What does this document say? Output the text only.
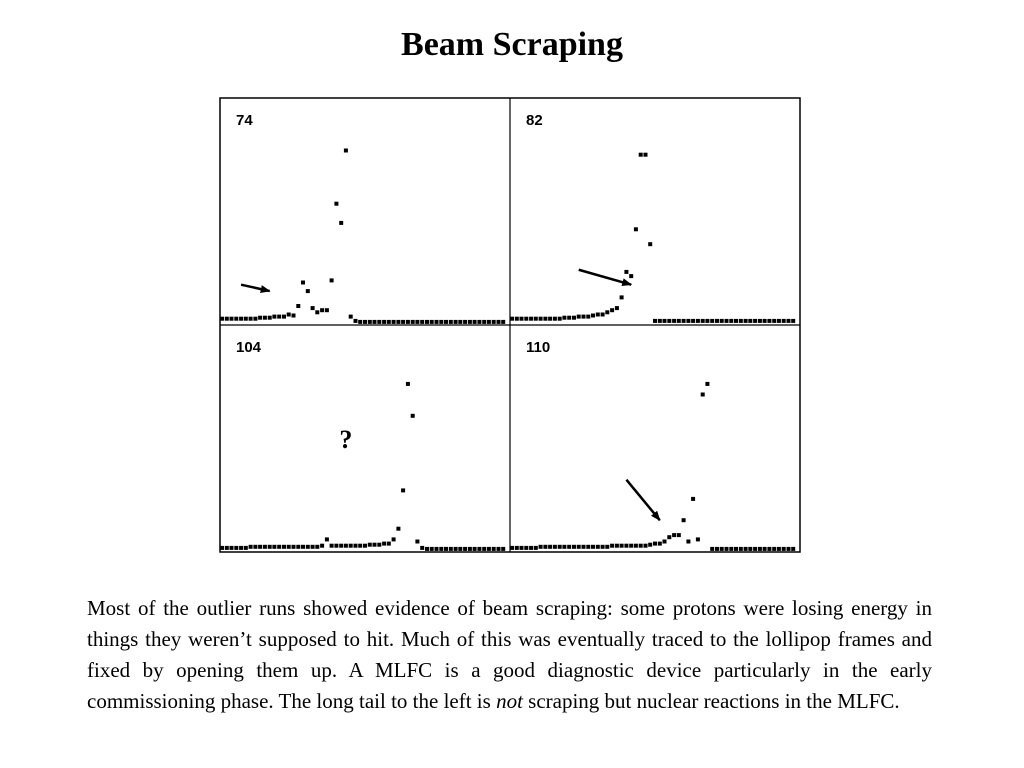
Beam Scraping
74	82
104
?
110
Most of the outlier runs showed evidence of beam scraping: some protons were losing energy in things they weren’t supposed to hit. Much of this was eventually traced to the lollipop frames and fixed by opening them up. A MLFC is a good diagnostic device particularly in the early commissioning phase. The long tail to the left is not scraping but nuclear reactions in the MLFC.
